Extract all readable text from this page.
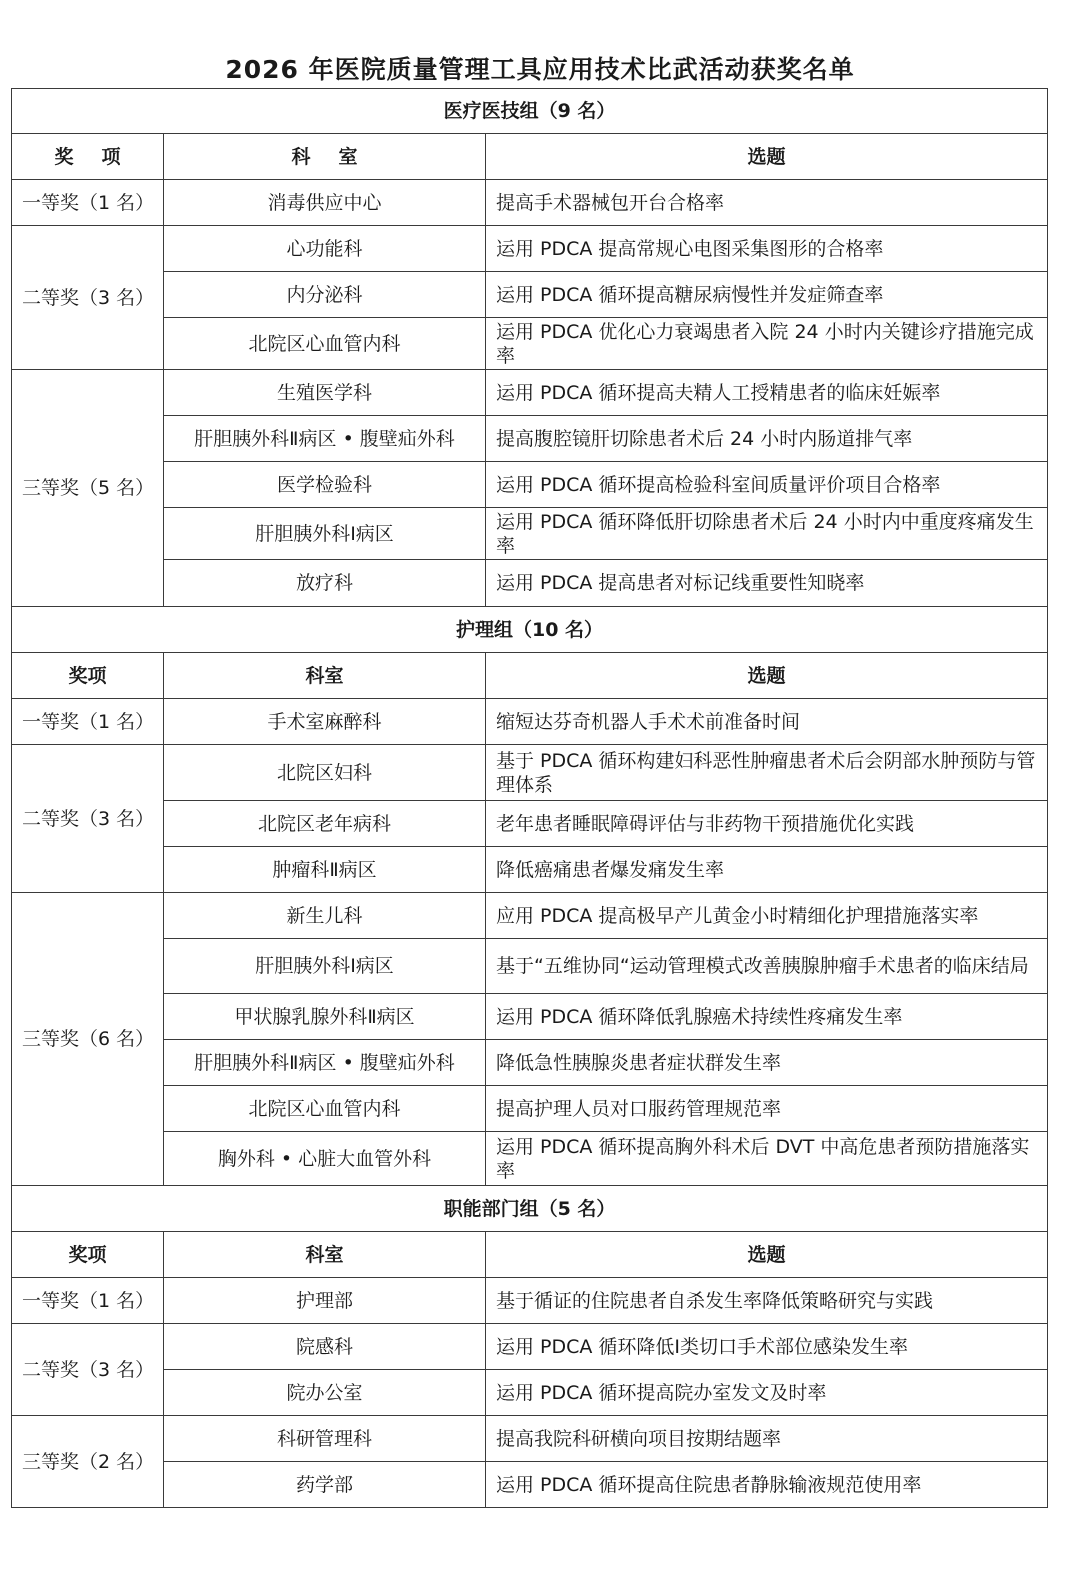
2026 年医院质量管理工具应用技术比武活动获奖名单
医疗医技组（9 名）		
奖项	科室	选题
一等奖（1 名）	消毒供应中心	提高手术器械包开台合格率
二等奖（3 名）	心功能科	运用 PDCA 提高常规心电图采集图形的合格率
	内分泌科	运用 PDCA 循环提高糖尿病慢性并发症筛查率
	北院区心血管内科	运用 PDCA 优化心力衰竭患者入院 24 小时内关键诊疗措施完成率
三等奖（5 名）	生殖医学科	运用 PDCA 循环提高夫精人工授精患者的临床妊娠率
	肝胆胰外科Ⅱ病区 • 腹壁疝外科	提高腹腔镜肝切除患者术后 24 小时内肠道排气率
	医学检验科	运用 PDCA 循环提高检验科室间质量评价项目合格率
	肝胆胰外科Ⅰ病区	运用 PDCA 循环降低肝切除患者术后 24 小时内中重度疼痛发生率
	放疗科	运用 PDCA 提高患者对标记线重要性知晓率
护理组（10 名）		
奖项	科室	选题
一等奖（1 名）	手术室麻醉科	缩短达芬奇机器人手术术前准备时间
二等奖（3 名）	北院区妇科	基于 PDCA 循环构建妇科恶性肿瘤患者术后会阴部水肿预防与管理体系
	北院区老年病科	老年患者睡眠障碍评估与非药物干预措施优化实践
	肿瘤科Ⅱ病区	降低癌痛患者爆发痛发生率
三等奖（6 名）	新生儿科	应用 PDCA 提高极早产儿黄金小时精细化护理措施落实率
	肝胆胰外科Ⅰ病区	基于“五维协同“运动管理模式改善胰腺肿瘤手术患者的临床结局
	甲状腺乳腺外科Ⅱ病区	运用 PDCA 循环降低乳腺癌术持续性疼痛发生率
	肝胆胰外科Ⅱ病区 • 腹壁疝外科	降低急性胰腺炎患者症状群发生率
	北院区心血管内科	提高护理人员对口服药管理规范率
	胸外科 • 心脏大血管外科	运用 PDCA 循环提高胸外科术后 DVT 中高危患者预防措施落实率
职能部门组（5 名）		
奖项	科室	选题
一等奖（1 名）	护理部	基于循证的住院患者自杀发生率降低策略研究与实践
二等奖（3 名）	院感科	运用 PDCA 循环降低Ⅰ类切口手术部位感染发生率
	院办公室	运用 PDCA 循环提高院办室发文及时率
三等奖（2 名）	科研管理科	提高我院科研横向项目按期结题率
	药学部	运用 PDCA 循环提高住院患者静脉输液规范使用率
